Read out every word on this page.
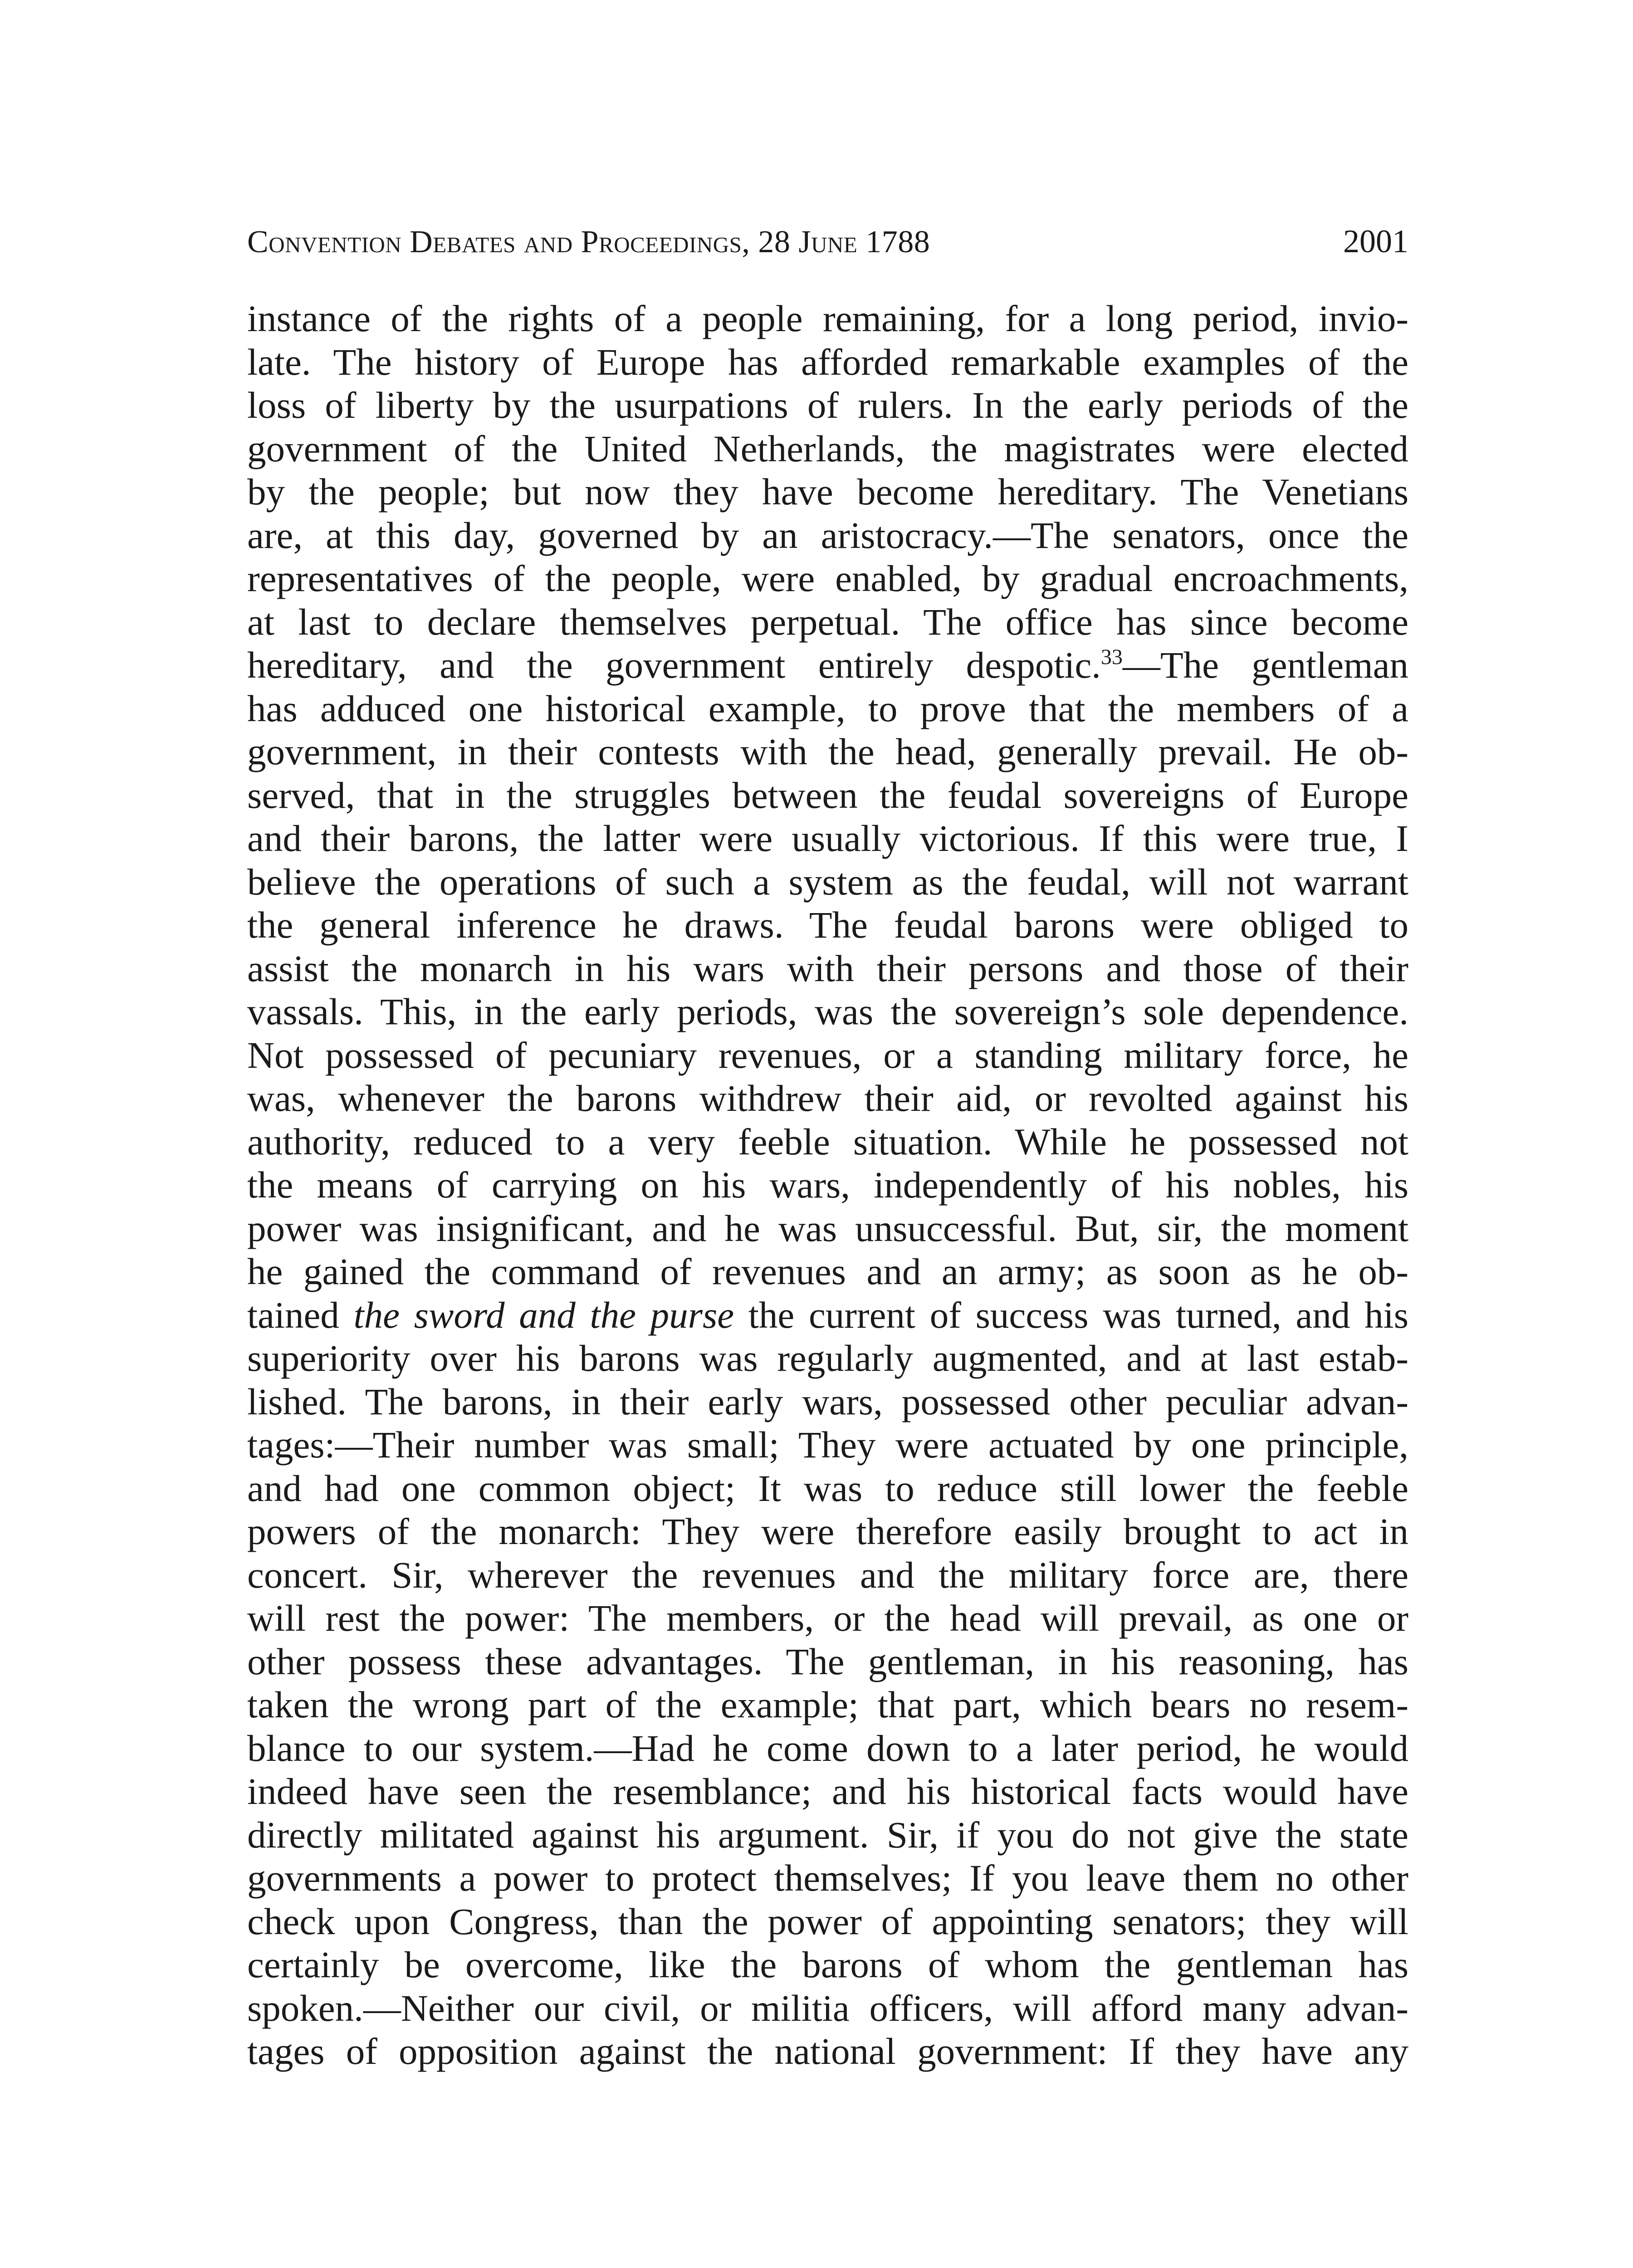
Convention Debates and Proceedings, 28 June 1788	2001
instance of the rights of a people remaining, for a long period, invio-
late. The history of Europe has afforded remarkable examples of the
loss of liberty by the usurpations of rulers. In the early periods of the
government of the United Netherlands, the magistrates were elected
by the people; but now they have become hereditary. The Venetians
are, at this day, governed by an aristocracy.—The senators, once the
representatives of the people, were enabled, by gradual encroachments,
at last to declare themselves perpetual. The office has since become
hereditary, and the government entirely despotic.$^{33}$—The gentleman
has adduced one historical example, to prove that the members of a
government, in their contests with the head, generally prevail. He ob-
served, that in the struggles between the feudal sovereigns of Europe
and their barons, the latter were usually victorious. If this were true, I
believe the operations of such a system as the feudal, will not warrant
the general inference he draws. The feudal barons were obliged to
assist the monarch in his wars with their persons and those of their
vassals. This, in the early periods, was the sovereign’s sole dependence.
Not possessed of pecuniary revenues, or a standing military force, he
was, whenever the barons withdrew their aid, or revolted against his
authority, reduced to a very feeble situation. While he possessed not
the means of carrying on his wars, independently of his nobles, his
power was insignificant, and he was unsuccessful. But, sir, the moment
he gained the command of revenues and an army; as soon as he ob-
tained the sword and the purse the current of success was turned, and his
superiority over his barons was regularly augmented, and at last estab-
lished. The barons, in their early wars, possessed other peculiar advan-
tages:—Their number was small; They were actuated by one principle,
and had one common object; It was to reduce still lower the feeble
powers of the monarch: They were therefore easily brought to act in
concert. Sir, wherever the revenues and the military force are, there
will rest the power: The members, or the head will prevail, as one or
other possess these advantages. The gentleman, in his reasoning, has
taken the wrong part of the example; that part, which bears no resem-
blance to our system.—Had he come down to a later period, he would
indeed have seen the resemblance; and his historical facts would have
directly militated against his argument. Sir, if you do not give the state
governments a power to protect themselves; If you leave them no other
check upon Congress, than the power of appointing senators; they will
certainly be overcome, like the barons of whom the gentleman has
spoken.—Neither our civil, or militia officers, will afford many advan-
tages of opposition against the national government: If they have any
